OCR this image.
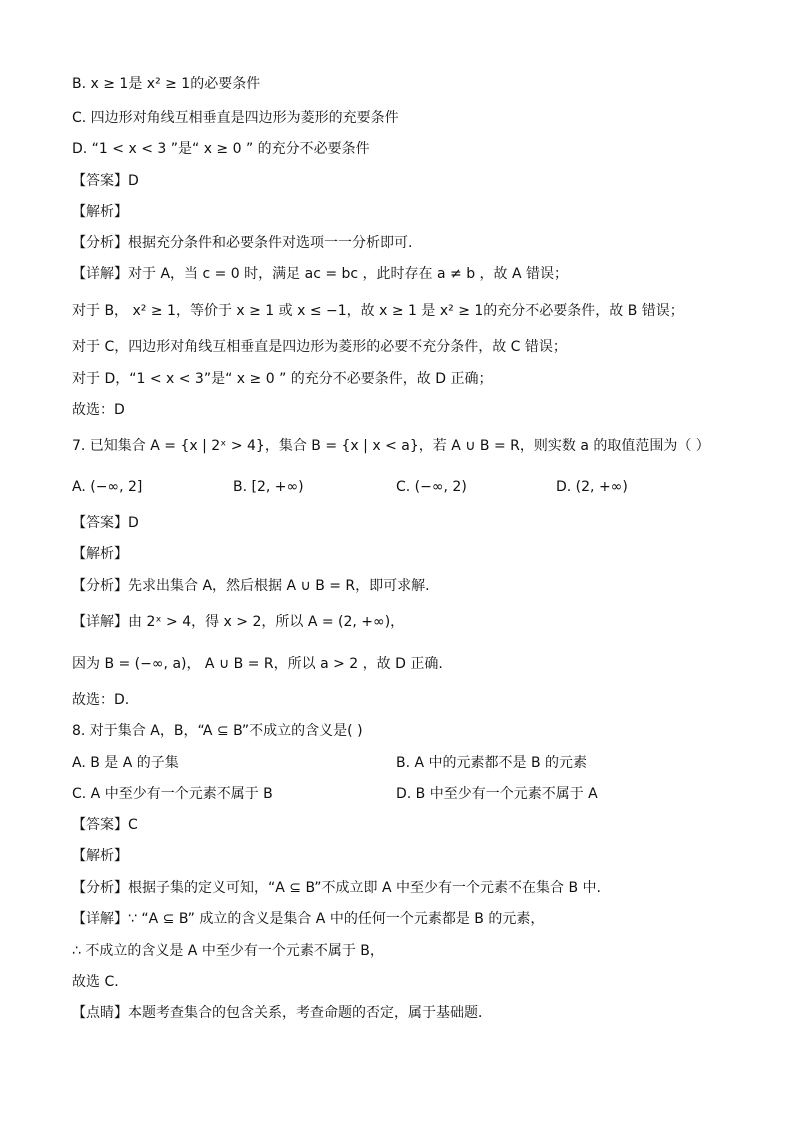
B. x ≥ 1是 x² ≥ 1的必要条件
C. 四边形对角线互相垂直是四边形为菱形的充要条件
D. “1 < x < 3 ”是“ x ≥ 0 ” 的充分不必要条件
【答案】D
【解析】
【分析】根据充分条件和必要条件对选项一一分析即可.
【详解】对于 A，当 c = 0 时，满足 ac = bc ，此时存在 a ≠ b ，故 A 错误；
对于 B， x² ≥ 1，等价于 x ≥ 1 或 x ≤ −1，故 x ≥ 1 是 x² ≥ 1的充分不必要条件，故 B 错误；
对于 C，四边形对角线互相垂直是四边形为菱形的必要不充分条件，故 C 错误；
对于 D，“1 < x < 3”是“ x ≥ 0 ” 的充分不必要条件，故 D 正确；
故选：D
7. 已知集合 A = {x | 2ˣ > 4}，集合 B = {x | x < a}，若 A ∪ B = R，则实数 a 的取值范围为（ ）
A. (−∞, 2]	B. [2, +∞)	C. (−∞, 2)	D. (2, +∞)
【答案】D
【解析】
【分析】先求出集合 A，然后根据 A ∪ B = R，即可求解.
【详解】由 2ˣ > 4，得 x > 2，所以 A = (2, +∞)，
因为 B = (−∞, a)， A ∪ B = R，所以 a > 2 ，故 D 正确.
故选：D.
8. 对于集合 A，B，“A ⊆ B”不成立的含义是( )
A. B 是 A 的子集	B. A 中的元素都不是 B 的元素
C. A 中至少有一个元素不属于 B	D. B 中至少有一个元素不属于 A
【答案】C
【解析】
【分析】根据子集的定义可知，“A ⊆ B”不成立即 A 中至少有一个元素不在集合 B 中.
【详解】∵ “A ⊆ B” 成立的含义是集合 A 中的任何一个元素都是 B 的元素，
∴ 不成立的含义是 A 中至少有一个元素不属于 B，
故选 C.
【点睛】本题考查集合的包含关系，考查命题的否定，属于基础题．
